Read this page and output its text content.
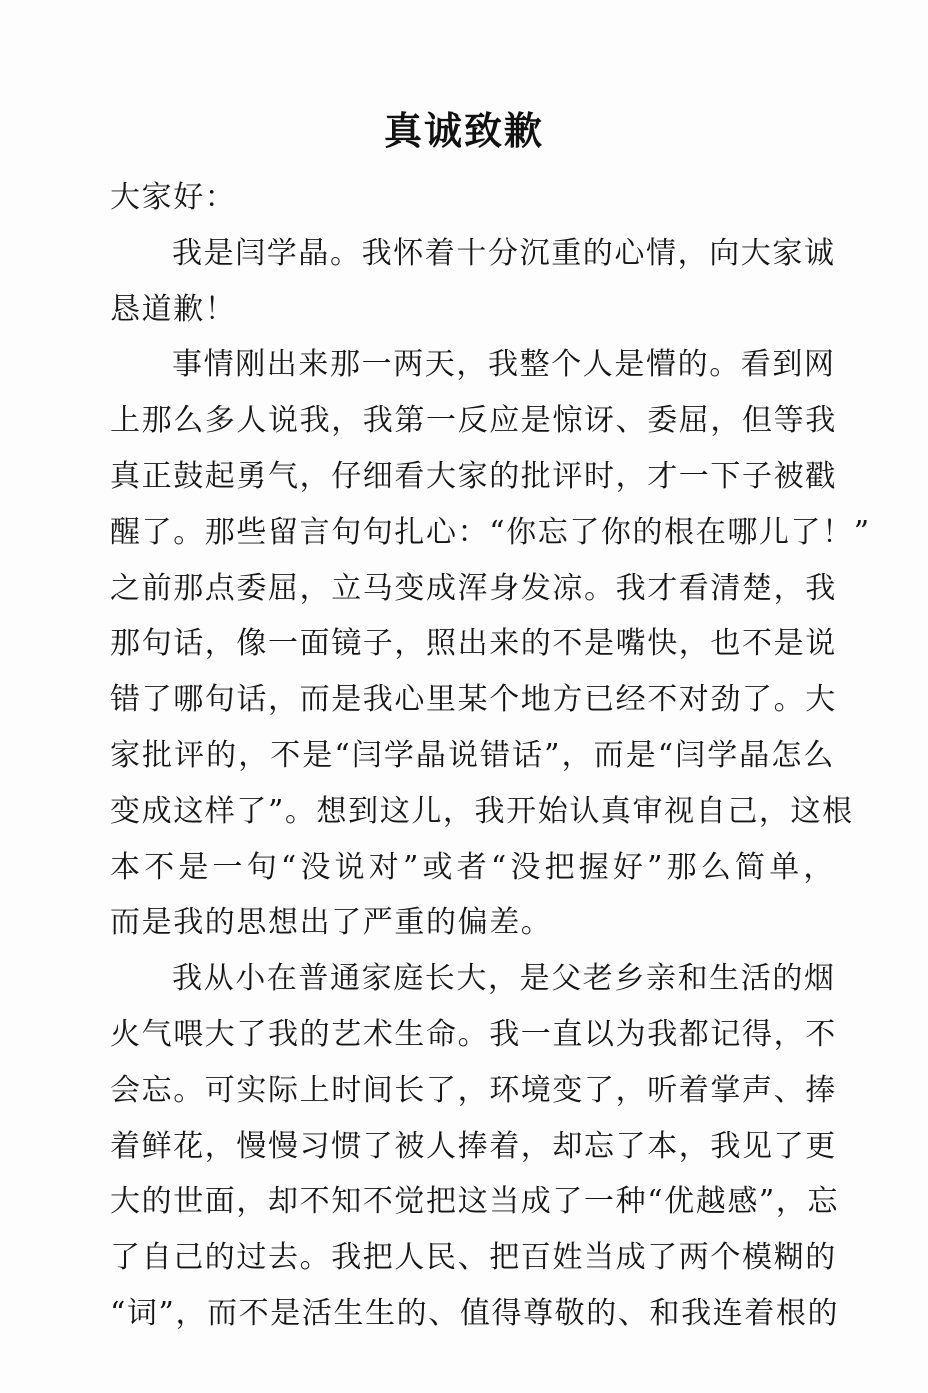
真诚致歉
大家好：
我是闫学晶。我怀着十分沉重的心情，向大家诚
恳道歉！
事情刚出来那一两天，我整个人是懵的。看到网
上那么多人说我，我第一反应是惊讶、委屈，但等我
真正鼓起勇气，仔细看大家的批评时，才一下子被戳
醒了。那些留言句句扎心：“你忘了你的根在哪儿了！”
之前那点委屈，立马变成浑身发凉。我才看清楚，我
那句话，像一面镜子，照出来的不是嘴快，也不是说
错了哪句话，而是我心里某个地方已经不对劲了。大
家批评的，不是“闫学晶说错话”，而是“闫学晶怎么
变成这样了”。想到这儿，我开始认真审视自己，这根
本不是一句“没说对”或者“没把握好”那么简单，
而是我的思想出了严重的偏差。
我从小在普通家庭长大，是父老乡亲和生活的烟
火气喂大了我的艺术生命。我一直以为我都记得，不
会忘。可实际上时间长了，环境变了，听着掌声、捧
着鲜花，慢慢习惯了被人捧着，却忘了本，我见了更
大的世面，却不知不觉把这当成了一种“优越感”，忘
了自己的过去。我把人民、把百姓当成了两个模糊的
“词”，而不是活生生的、值得尊敬的、和我连着根的
